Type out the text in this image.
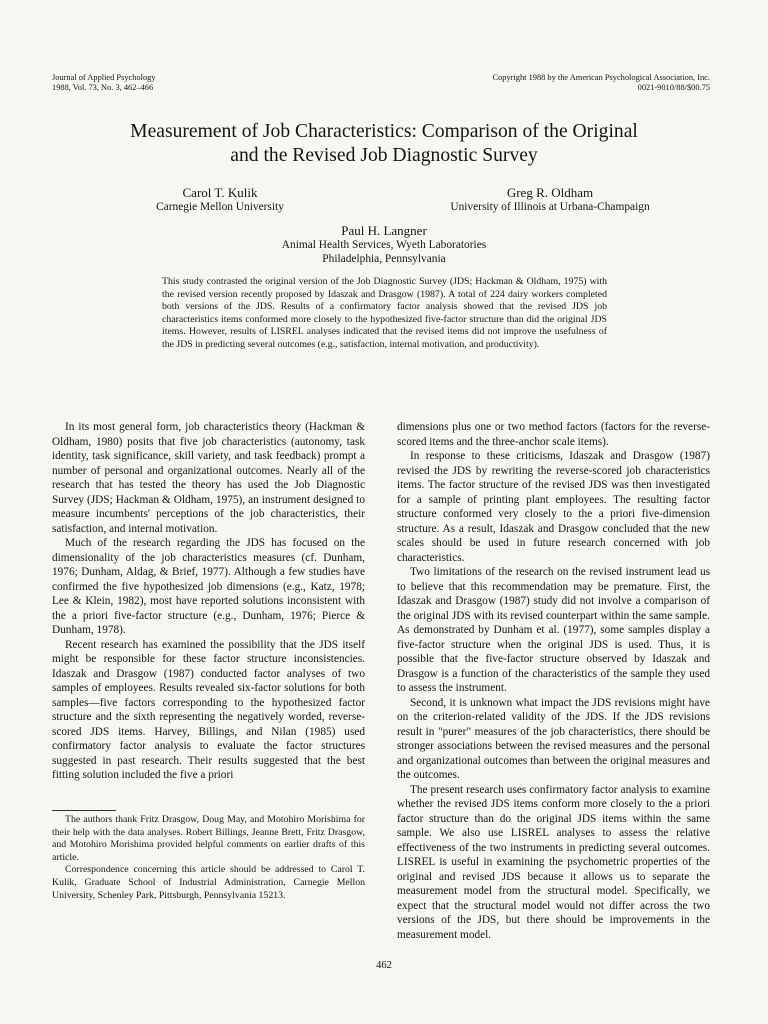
Journal of Applied Psychology
1988, Vol. 73, No. 3, 462–466
Copyright 1988 by the American Psychological Association, Inc.
0021-9010/88/$00.75
Measurement of Job Characteristics: Comparison of the Original
and the Revised Job Diagnostic Survey
Carol T. Kulik
Carnegie Mellon University
Greg R. Oldham
University of Illinois at Urbana-Champaign
Paul H. Langner
Animal Health Services, Wyeth Laboratories
Philadelphia, Pennsylvania
This study contrasted the original version of the Job Diagnostic Survey (JDS; Hackman & Oldham, 1975) with the revised version recently proposed by Idaszak and Drasgow (1987). A total of 224 dairy workers completed both versions of the JDS. Results of a confirmatory factor analysis showed that the revised JDS job characteristics items conformed more closely to the hypothesized five-factor structure than did the original JDS items. However, results of LISREL analyses indicated that the revised items did not improve the usefulness of the JDS in predicting several outcomes (e.g., satisfaction, internal motivation, and productivity).

In its most general form, job characteristics theory (Hackman & Oldham, 1980) posits that five job characteristics (autonomy, task identity, task significance, skill variety, and task feedback) prompt a number of personal and organizational outcomes. Nearly all of the research that has tested the theory has used the Job Diagnostic Survey (JDS; Hackman & Oldham, 1975), an instrument designed to measure incumbents' perceptions of the job characteristics, their satisfaction, and internal motivation.

Much of the research regarding the JDS has focused on the dimensionality of the job characteristics measures (cf. Dunham, 1976; Dunham, Aldag, & Brief, 1977). Although a few studies have confirmed the five hypothesized job dimensions (e.g., Katz, 1978; Lee & Klein, 1982), most have reported solutions inconsistent with the a priori five-factor structure (e.g., Dunham, 1976; Pierce & Dunham, 1978).

Recent research has examined the possibility that the JDS itself might be responsible for these factor structure inconsistencies. Idaszak and Drasgow (1987) conducted factor analyses of two samples of employees. Results revealed six-factor solutions for both samples—five factors corresponding to the hypothesized factor structure and the sixth representing the negatively worded, reverse-scored JDS items. Harvey, Billings, and Nilan (1985) used confirmatory factor analysis to evaluate the factor structures suggested in past research. Their results suggested that the best fitting solution included the five a priori

dimensions plus one or two method factors (factors for the reverse-scored items and the three-anchor scale items).

In response to these criticisms, Idaszak and Drasgow (1987) revised the JDS by rewriting the reverse-scored job characteristics items. The factor structure of the revised JDS was then investigated for a sample of printing plant employees. The resulting factor structure conformed very closely to the a priori five-dimension structure. As a result, Idaszak and Drasgow concluded that the new scales should be used in future research concerned with job characteristics.

Two limitations of the research on the revised instrument lead us to believe that this recommendation may be premature. First, the Idaszak and Drasgow (1987) study did not involve a comparison of the original JDS with its revised counterpart within the same sample. As demonstrated by Dunham et al. (1977), some samples display a five-factor structure when the original JDS is used. Thus, it is possible that the five-factor structure observed by Idaszak and Drasgow is a function of the characteristics of the sample they used to assess the instrument.

Second, it is unknown what impact the JDS revisions might have on the criterion-related validity of the JDS. If the JDS revisions result in "purer" measures of the job characteristics, there should be stronger associations between the revised measures and the personal and organizational outcomes than between the original measures and the outcomes.

The present research uses confirmatory factor analysis to examine whether the revised JDS items conform more closely to the a priori factor structure than do the original JDS items within the same sample. We also use LISREL analyses to assess the relative effectiveness of the two instruments in predicting several outcomes. LISREL is useful in examining the psychometric properties of the original and revised JDS because it allows us to separate the measurement model from the structural model. Specifically, we expect that the structural model would not differ across the two versions of the JDS, but there should be improvements in the measurement model.

The authors thank Fritz Drasgow, Doug May, and Motohiro Morishima for their help with the data analyses. Robert Billings, Jeanne Brett, Fritz Drasgow, and Motohiro Morishima provided helpful comments on earlier drafts of this article.

Correspondence concerning this article should be addressed to Carol T. Kulik, Graduate School of Industrial Administration, Carnegie Mellon University, Schenley Park, Pittsburgh, Pennsylvania 15213.

462
